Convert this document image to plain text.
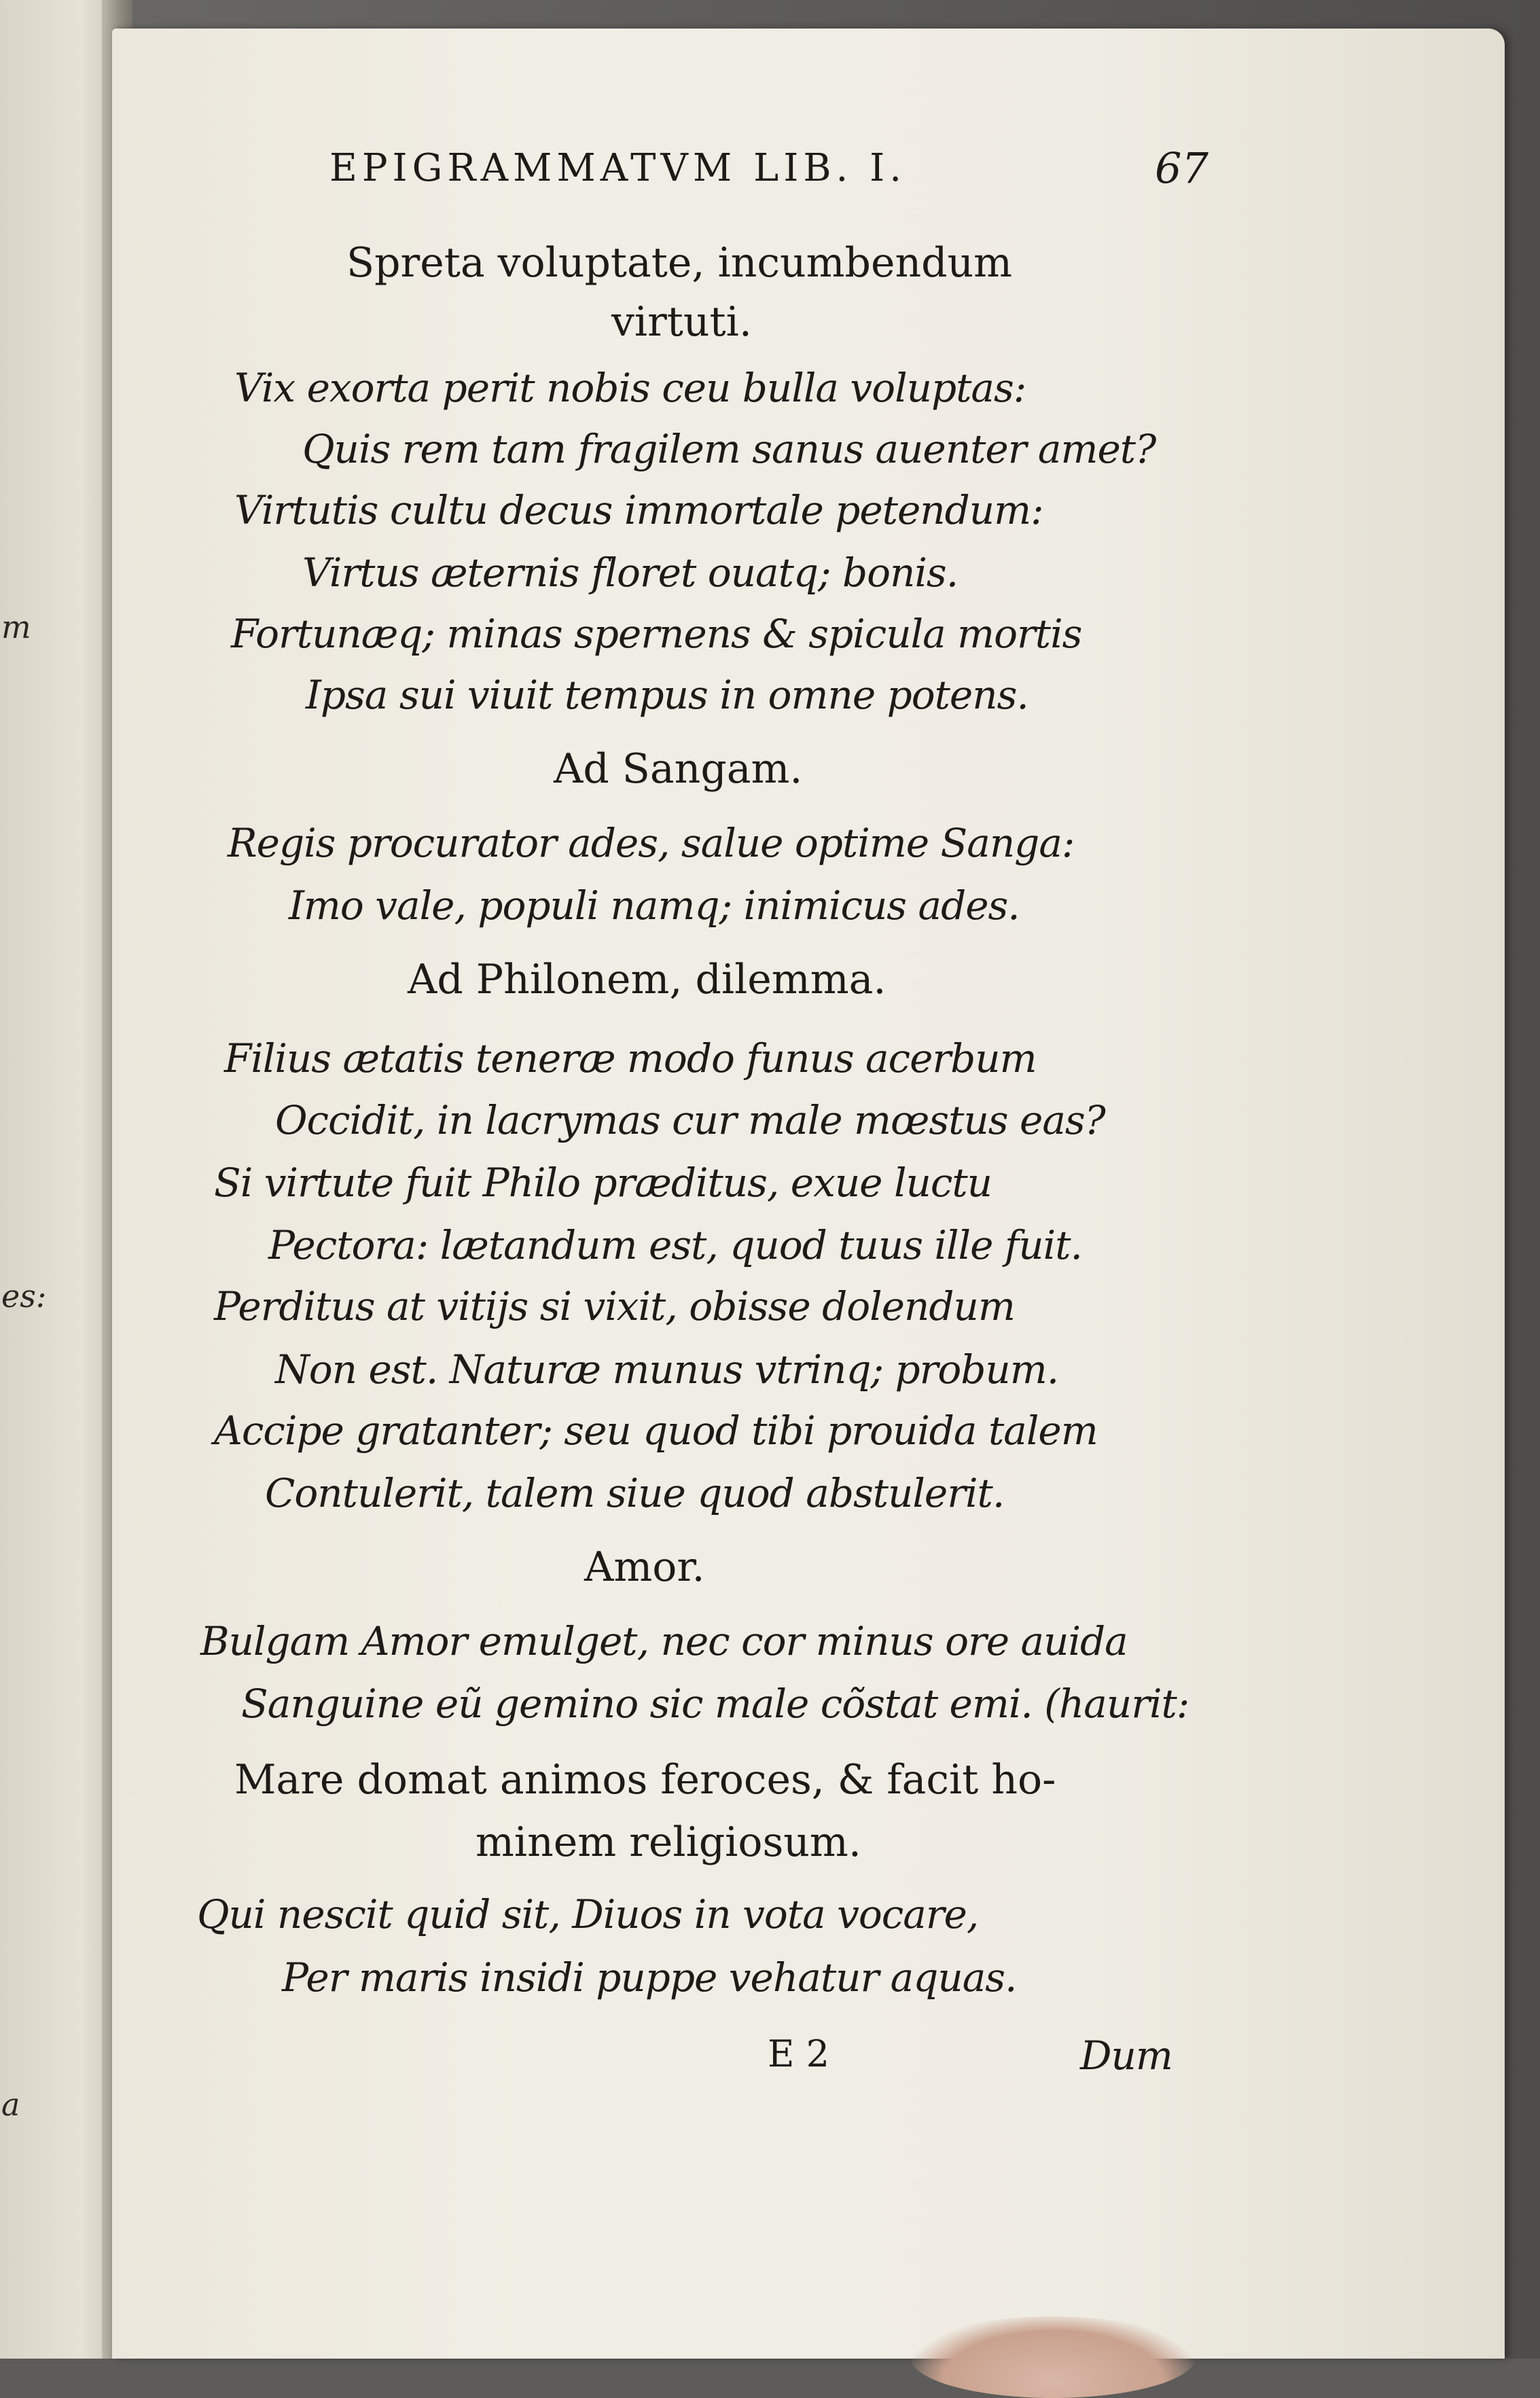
m

es:

a

EPIGRAMMATVM LIB. I.	67

Spreta voluptate, incumbendum

virtuti.

Vix exorta perit nobis ceu bulla voluptas:

Quis rem tam fragilem sanus auenter amet?

Virtutis cultu decus immortale petendum:

Virtus æternis floret ouatq; bonis.

Fortunæq; minas spernens & spicula mortis

Ipsa sui viuit tempus in omne potens.

Ad Sangam.

Regis procurator ades, salue optime Sanga:

Imo vale, populi namq; inimicus ades.

Ad Philonem, dilemma.

Filius ætatis teneræ modo funus acerbum

Occidit, in lacrymas cur male mœstus eas?

Si virtute fuit Philo præditus, exue luctu

Pectora: lætandum est, quod tuus ille fuit.

Perditus at vitijs si vixit, obisse dolendum

Non est. Naturæ munus vtrinq; probum.

Accipe gratanter; seu quod tibi prouida talem

Contulerit, talem siue quod abstulerit.

Amor.

Bulgam Amor emulget, nec cor minus ore auida

Sanguine eũ gemino sic male cõstat emi. (haurit:

Mare domat animos feroces, & facit ho-

minem religiosum.

Qui nescit quid sit, Diuos in vota vocare,

Per maris insidi puppe vehatur aquas.

E 2	Dum
